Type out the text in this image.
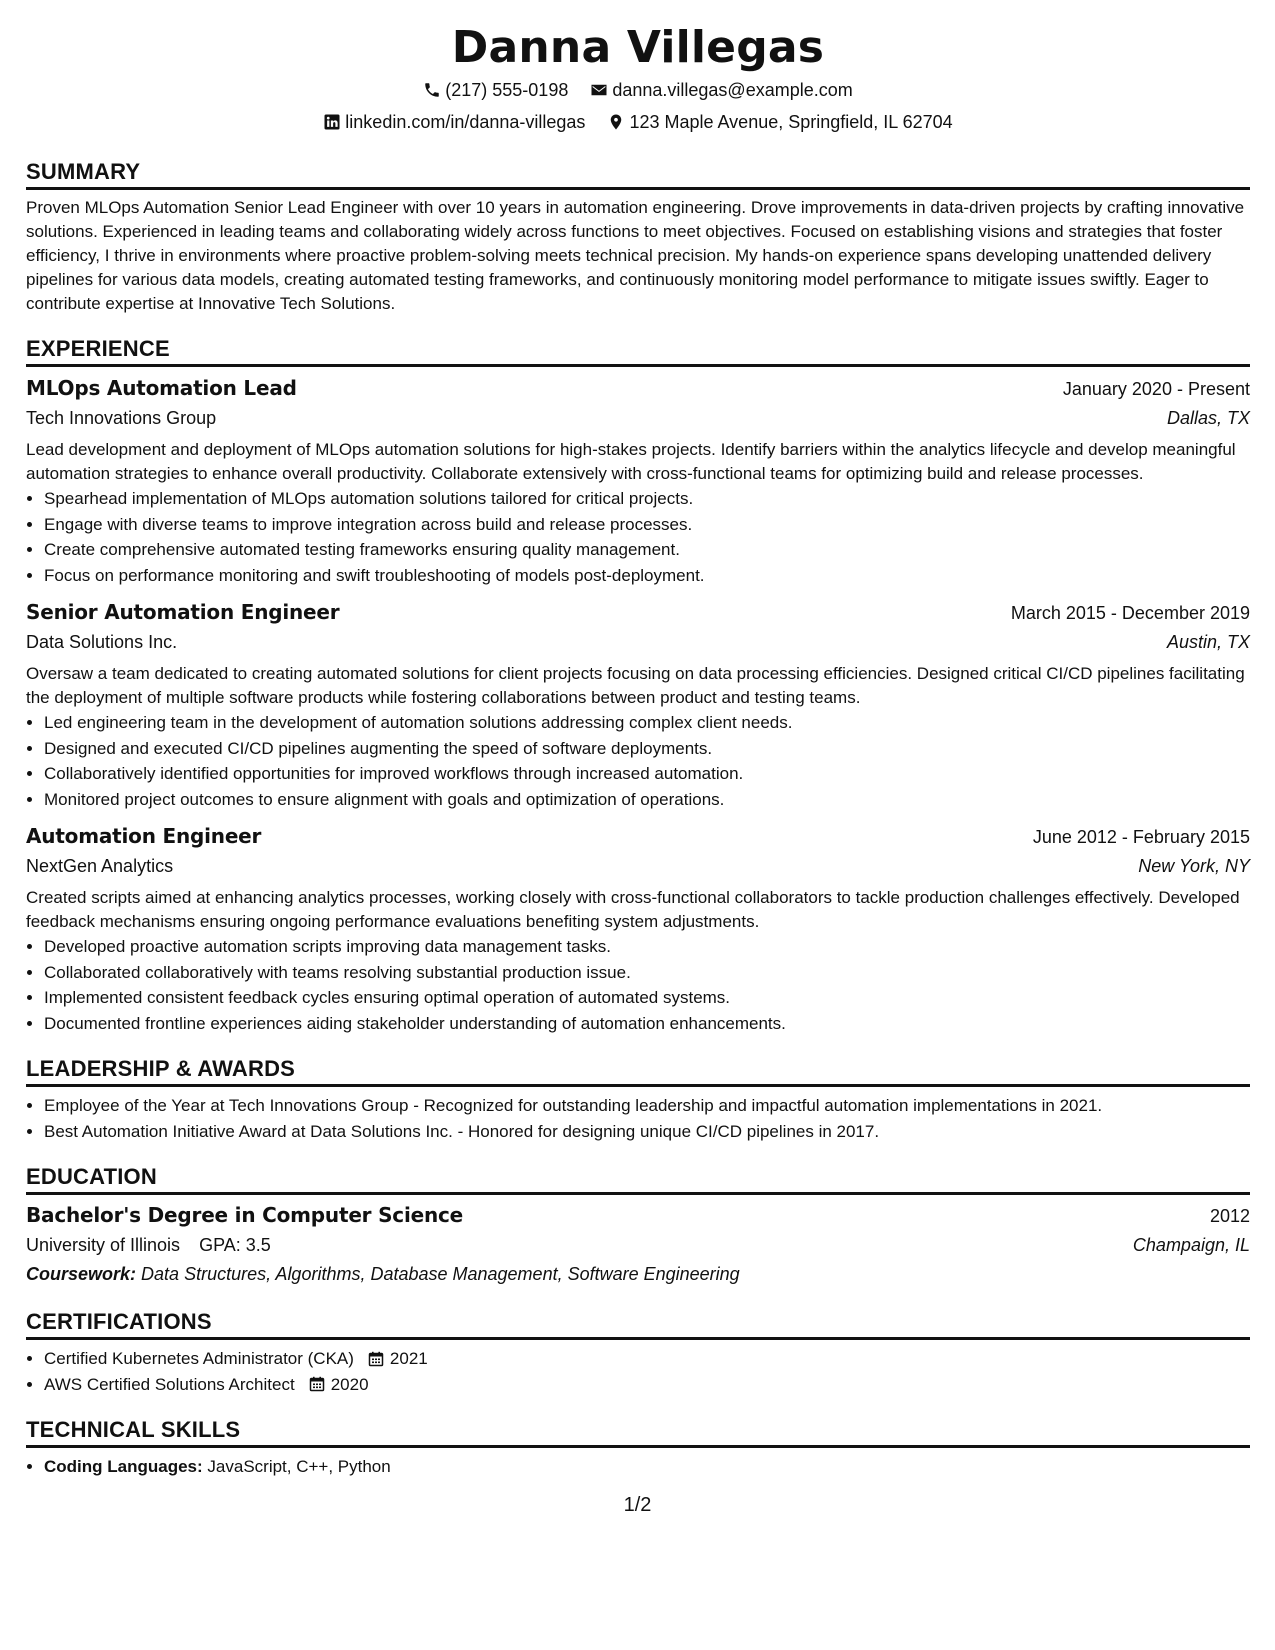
Danna Villegas
(217) 555-0198 danna.villegas@example.com
linkedin.com/in/danna-villegas 123 Maple Avenue, Springfield, IL 62704
SUMMARY

Proven MLOps Automation Senior Lead Engineer with over 10 years in automation engineering. Drove improvements in data-driven projects by crafting innovative solutions. Experienced in leading teams and collaborating widely across functions to meet objectives. Focused on establishing visions and strategies that foster efficiency, I thrive in environments where proactive problem-solving meets technical precision. My hands-on experience spans developing unattended delivery pipelines for various data models, creating automated testing frameworks, and continuously monitoring model performance to mitigate issues swiftly. Eager to contribute expertise at Innovative Tech Solutions.

EXPERIENCE
MLOps Automation Lead	January 2020 - Present
Tech Innovations Group	Dallas, TX

Lead development and deployment of MLOps automation solutions for high-stakes projects. Identify barriers within the analytics lifecycle and develop meaningful automation strategies to enhance overall productivity. Collaborate extensively with cross-functional teams for optimizing build and release processes.

• Spearhead implementation of MLOps automation solutions tailored for critical projects.
• Engage with diverse teams to improve integration across build and release processes.
• Create comprehensive automated testing frameworks ensuring quality management.
• Focus on performance monitoring and swift troubleshooting of models post-deployment.
Senior Automation Engineer	March 2015 - December 2019
Data Solutions Inc.	Austin, TX

Oversaw a team dedicated to creating automated solutions for client projects focusing on data processing efficiencies. Designed critical CI/CD pipelines facilitating the deployment of multiple software products while fostering collaborations between product and testing teams.

• Led engineering team in the development of automation solutions addressing complex client needs.
• Designed and executed CI/CD pipelines augmenting the speed of software deployments.
• Collaboratively identified opportunities for improved workflows through increased automation.
• Monitored project outcomes to ensure alignment with goals and optimization of operations.
Automation Engineer	June 2012 - February 2015
NextGen Analytics	New York, NY

Created scripts aimed at enhancing analytics processes, working closely with cross-functional collaborators to tackle production challenges effectively. Developed feedback mechanisms ensuring ongoing performance evaluations benefiting system adjustments.

• Developed proactive automation scripts improving data management tasks.
• Collaborated collaboratively with teams resolving substantial production issue.
• Implemented consistent feedback cycles ensuring optimal operation of automated systems.
• Documented frontline experiences aiding stakeholder understanding of automation enhancements.
LEADERSHIP & AWARDS
• Employee of the Year at Tech Innovations Group - Recognized for outstanding leadership and impactful automation implementations in 2021.
• Best Automation Initiative Award at Data Solutions Inc. - Honored for designing unique CI/CD pipelines in 2017.
EDUCATION
Bachelor's Degree in Computer Science	2012
University of Illinois GPA: 3.5	Champaign, IL
Coursework: Data Structures, Algorithms, Database Management, Software Engineering
CERTIFICATIONS
• Certified Kubernetes Administrator (CKA) 2021
• AWS Certified Solutions Architect 2020
TECHNICAL SKILLS
• Coding Languages: JavaScript, C++, Python
1/2
